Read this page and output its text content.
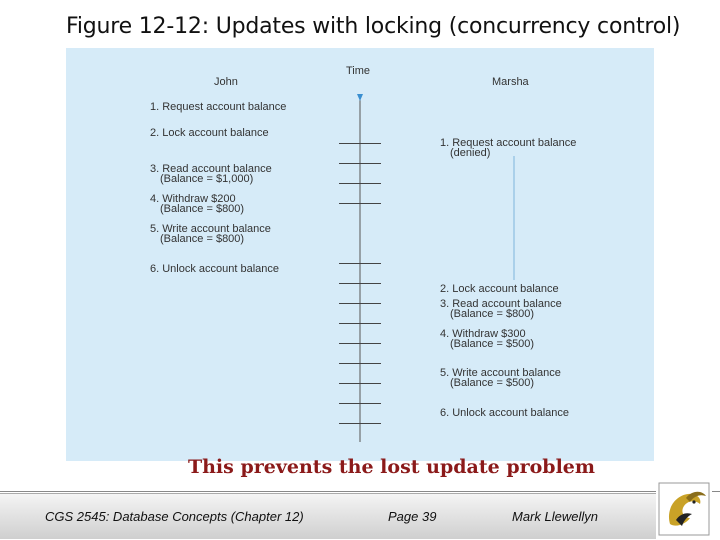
Figure 12-12: Updates with locking (concurrency control)
John
Time
Marsha
1. Request account balance
2. Lock account balance
3. Read account balance
(Balance = $1,000)
4. Withdraw $200
(Balance = $800)
5. Write account balance
(Balance = $800)
6. Unlock account balance
1. Request account balance
(denied)
2. Lock account balance
3. Read account balance
(Balance = $800)
4. Withdraw $300
(Balance = $500)
5. Write account balance
(Balance = $500)
6. Unlock account balance
This prevents the lost update problem
CGS 2545: Database Concepts (Chapter 12)	Page 39	Mark Llewellyn
